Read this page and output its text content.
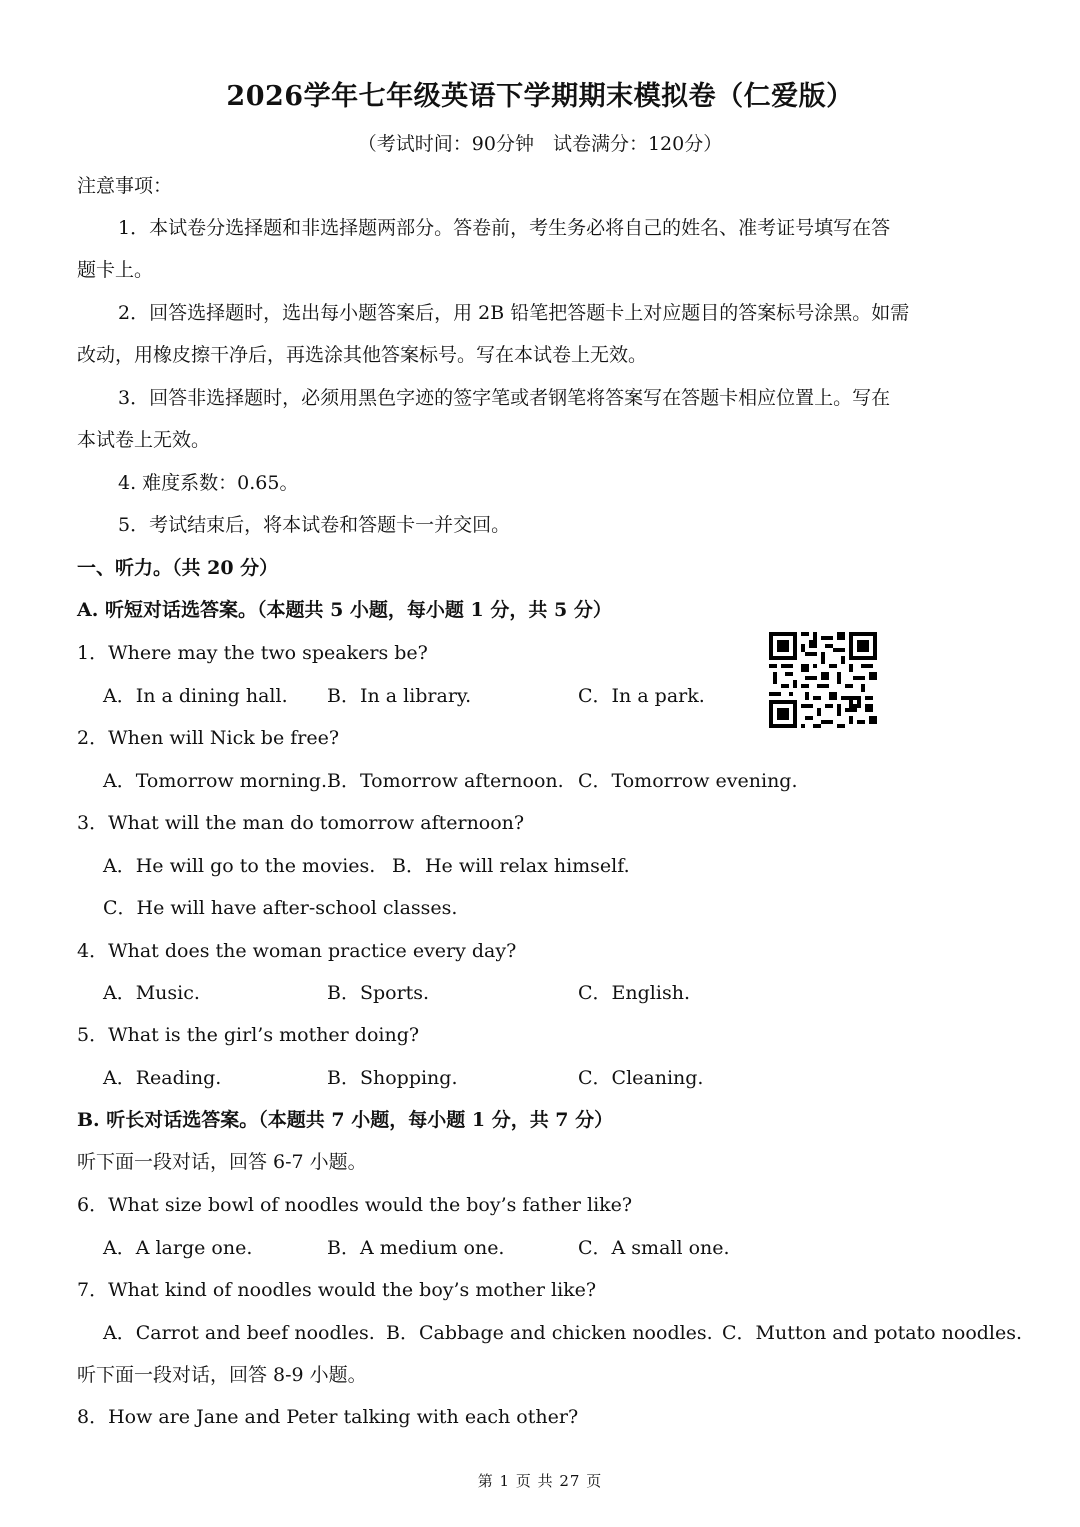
2026学年七年级英语下学期期末模拟卷（仁爱版）
（考试时间：90分钟　试卷满分：120分）
注意事项：
1．本试卷分选择题和非选择题两部分。答卷前，考生务必将自己的姓名、准考证号填写在答
题卡上。
2．回答选择题时，选出每小题答案后，用 2B 铅笔把答题卡上对应题目的答案标号涂黑。如需
改动，用橡皮擦干净后，再选涂其他答案标号。写在本试卷上无效。
3．回答非选择题时，必须用黑色字迹的签字笔或者钢笔将答案写在答题卡相应位置上。写在
本试卷上无效。
4. 难度系数：0.65。
5．考试结束后，将本试卷和答题卡一并交回。
一、听力。（共 20 分）
A. 听短对话选答案。（本题共 5 小题，每小题 1 分，共 5 分）
1．Where may the two speakers be?
A．In a dining hall. B．In a library.	C．In a park.
2．When will Nick be free?
A．Tomorrow morning. B．Tomorrow afternoon. C．Tomorrow evening.
3．What will the man do tomorrow afternoon?
A．He will go to the movies. B．He will relax himself.
C．He will have after-school classes.
4．What does the woman practice every day?
A．Music.	B．Sports.	C．English.
5．What is the girl’s mother doing?
A．Reading.	B．Shopping.	C．Cleaning.
B. 听长对话选答案。（本题共 7 小题，每小题 1 分，共 7 分）
听下面一段对话，回答 6-7 小题。
6．What size bowl of noodles would the boy’s father like?
A．A large one.	B．A medium one.	C．A small one.
7．What kind of noodles would the boy’s mother like?
A．Carrot and beef noodles. B．Cabbage and chicken noodles. C．Mutton and potato noodles.
听下面一段对话，回答 8-9 小题。
8．How are Jane and Peter talking with each other?
第 1 页 共 27 页
